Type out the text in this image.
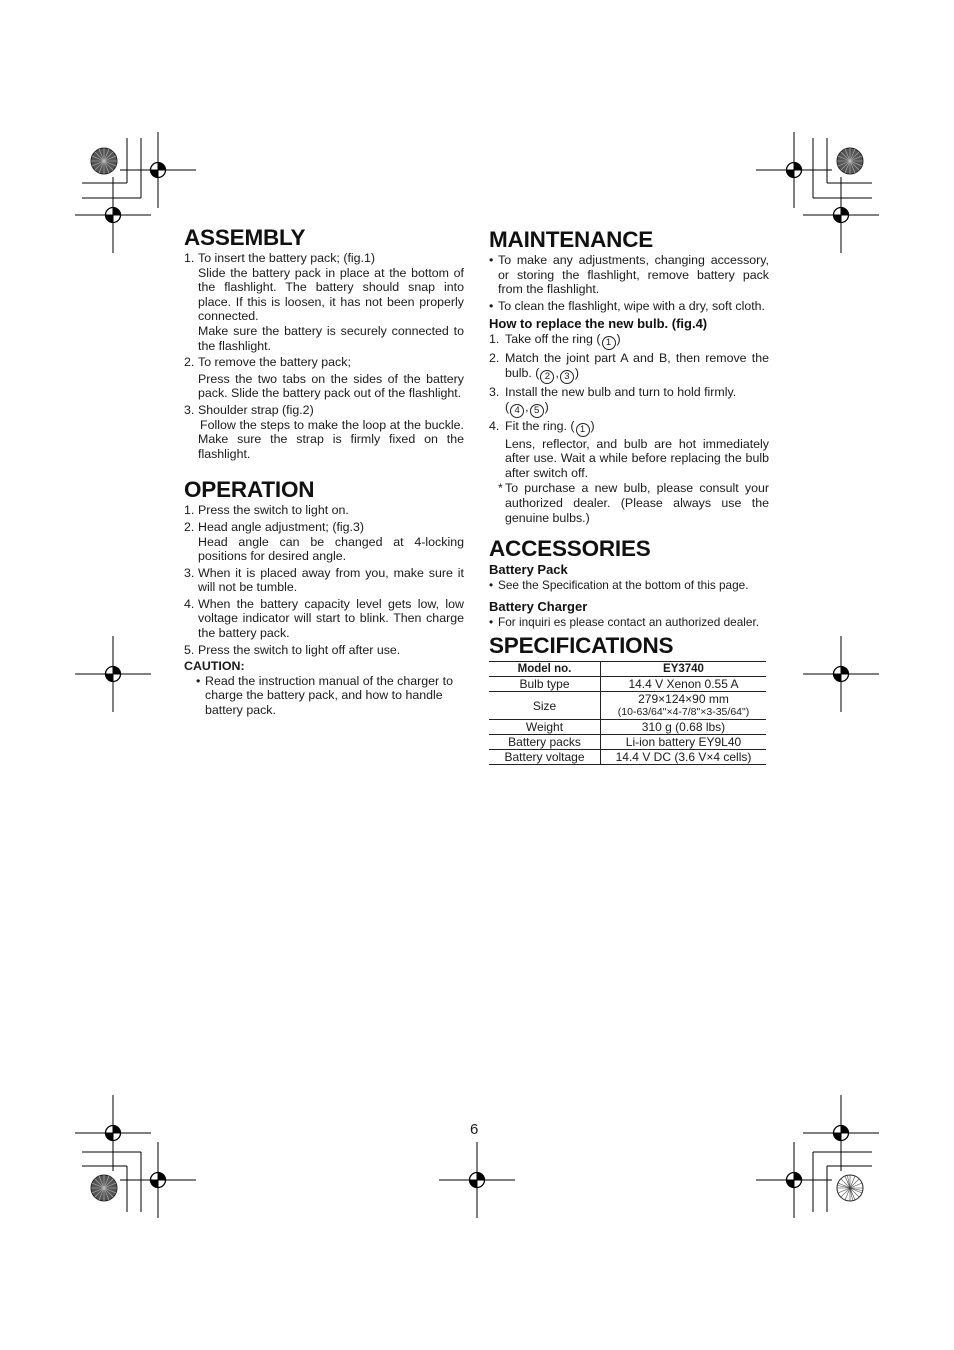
ASSEMBLY
1. To insert the battery pack; (fig.1)
Slide the battery pack in place at the bottom of the flashlight. The battery should snap into place. If this is loosen, it has not been properly connected.
Make sure the battery is securely connected to the flashlight.
2. To remove the battery pack;
Press the two tabs on the sides of the battery pack. Slide the battery pack out of the flashlight.
3. Shoulder strap (fig.2)
Follow the steps to make the loop at the buckle. Make sure the strap is firmly fixed on the flashlight.
OPERATION
1. Press the switch to light on.
2. Head angle adjustment; (fig.3)
Head angle can be changed at 4-locking positions for desired angle.
3. When it is placed away from you, make sure it will not be tumble.
4. When the battery capacity level gets low, low voltage indicator will start to blink. Then charge the battery pack.
5. Press the switch to light off after use.
CAUTION:
• Read the instruction manual of the charger to charge the battery pack, and how to handle battery pack.
MAINTENANCE
• To make any adjustments, changing accessory, or storing the flashlight, remove battery pack from the flashlight.
• To clean the flashlight, wipe with a dry, soft cloth.
How to replace the new bulb. (fig.4)
1. Take off the ring ( 1 )
2. Match the joint part A and B, then remove the bulb. ( 2 , 3 )
3. Install the new bulb and turn to hold firmly.
( 4 , 5 )
4. Fit the ring. ( 1 )
Lens, reflector, and bulb are hot immediately after use. Wait a while before replacing the bulb after switch off.
* To purchase a new bulb, please consult your authorized dealer. (Please always use the genuine bulbs.)
ACCESSORIES
Battery Pack
• See the Specification at the bottom of this page.
Battery Charger
• For inquiri es please contact an authorized dealer.
SPECIFICATIONS
Model no.	EY3740
Bulb type	14.4 V Xenon 0.55 A
Size	279×124×90 mm
(10-63/64"×4-7/8"×3-35/64")

Weight	310 g (0.68 lbs)
Battery packs	Li-ion battery EY9L40
Battery voltage	14.4 V DC (3.6 V×4 cells)
6
